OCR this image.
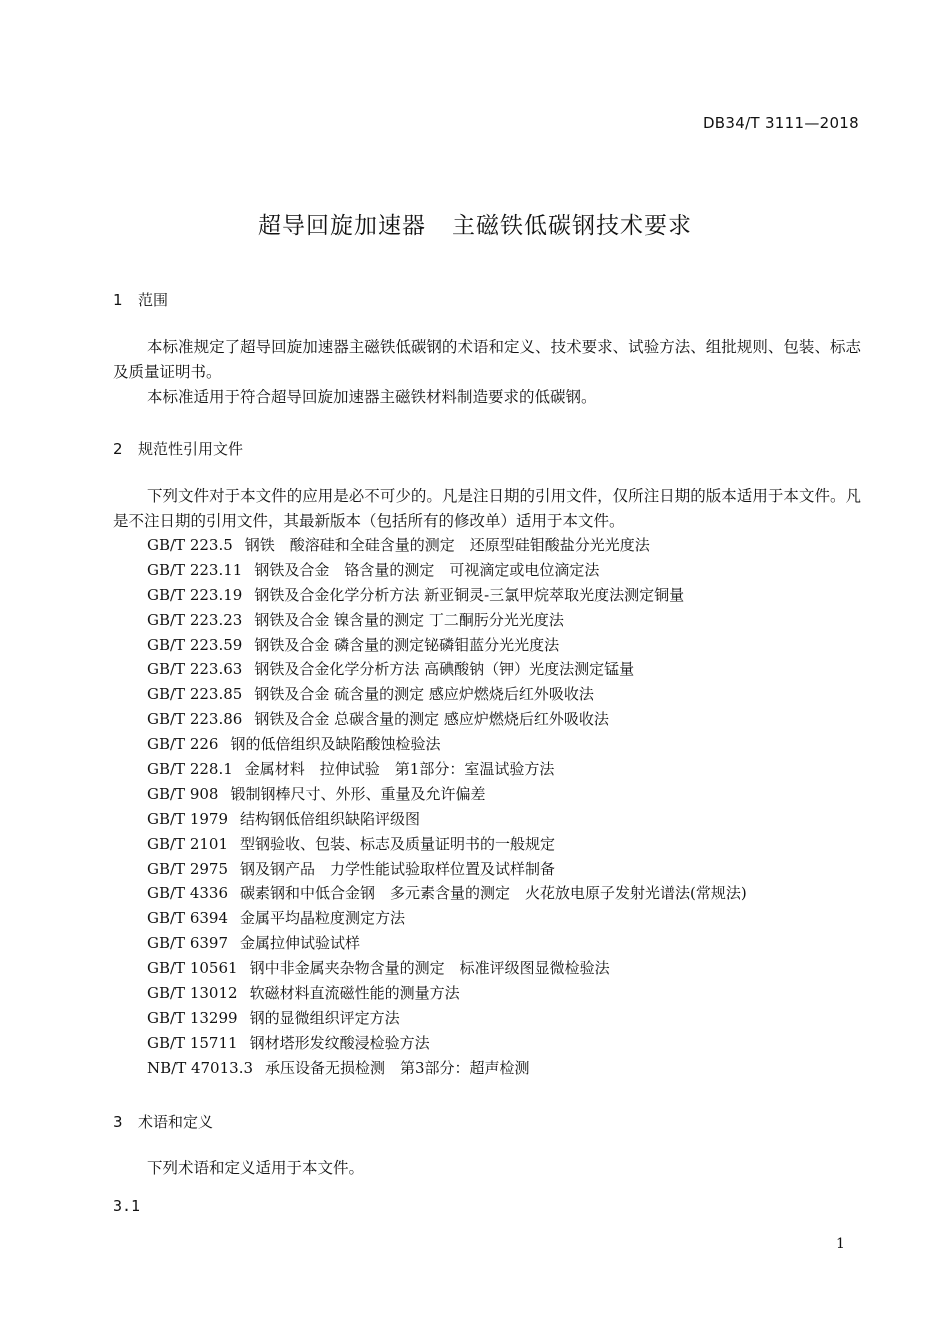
DB34/T 3111—2018
超导回旋加速器 主磁铁低碳钢技术要求
1 范围
本标准规定了超导回旋加速器主磁铁低碳钢的术语和定义、技术要求、试验方法、组批规则、包装、标志及质量证明书。
本标准适用于符合超导回旋加速器主磁铁材料制造要求的低碳钢。
2 规范性引用文件
下列文件对于本文件的应用是必不可少的。凡是注日期的引用文件，仅所注日期的版本适用于本文件。凡是不注日期的引用文件，其最新版本（包括所有的修改单）适用于本文件。
GB/T 223.5 钢铁　酸溶硅和全硅含量的测定　还原型硅钼酸盐分光光度法
GB/T 223.11 钢铁及合金　铬含量的测定　可视滴定或电位滴定法
GB/T 223.19 钢铁及合金化学分析方法 新亚铜灵-三氯甲烷萃取光度法测定铜量
GB/T 223.23 钢铁及合金 镍含量的测定 丁二酮肟分光光度法
GB/T 223.59 钢铁及合金 磷含量的测定铋磷钼蓝分光光度法
GB/T 223.63 钢铁及合金化学分析方法 高碘酸钠（钾）光度法测定锰量
GB/T 223.85 钢铁及合金 硫含量的测定 感应炉燃烧后红外吸收法
GB/T 223.86 钢铁及合金 总碳含量的测定 感应炉燃烧后红外吸收法
GB/T 226 钢的低倍组织及缺陷酸蚀检验法
GB/T 228.1 金属材料　拉伸试验　第1部分：室温试验方法
GB/T 908 锻制钢棒尺寸、外形、重量及允许偏差
GB/T 1979 结构钢低倍组织缺陷评级图
GB/T 2101 型钢验收、包装、标志及质量证明书的一般规定
GB/T 2975 钢及钢产品　力学性能试验取样位置及试样制备
GB/T 4336 碳素钢和中低合金钢　多元素含量的测定　火花放电原子发射光谱法(常规法)
GB/T 6394 金属平均晶粒度测定方法
GB/T 6397 金属拉伸试验试样
GB/T 10561 钢中非金属夹杂物含量的测定　标准评级图显微检验法
GB/T 13012 软磁材料直流磁性能的测量方法
GB/T 13299 钢的显微组织评定方法
GB/T 15711 钢材塔形发纹酸浸检验方法
NB/T 47013.3 承压设备无损检测　第3部分：超声检测
3 术语和定义
下列术语和定义适用于本文件。
3.1
1
